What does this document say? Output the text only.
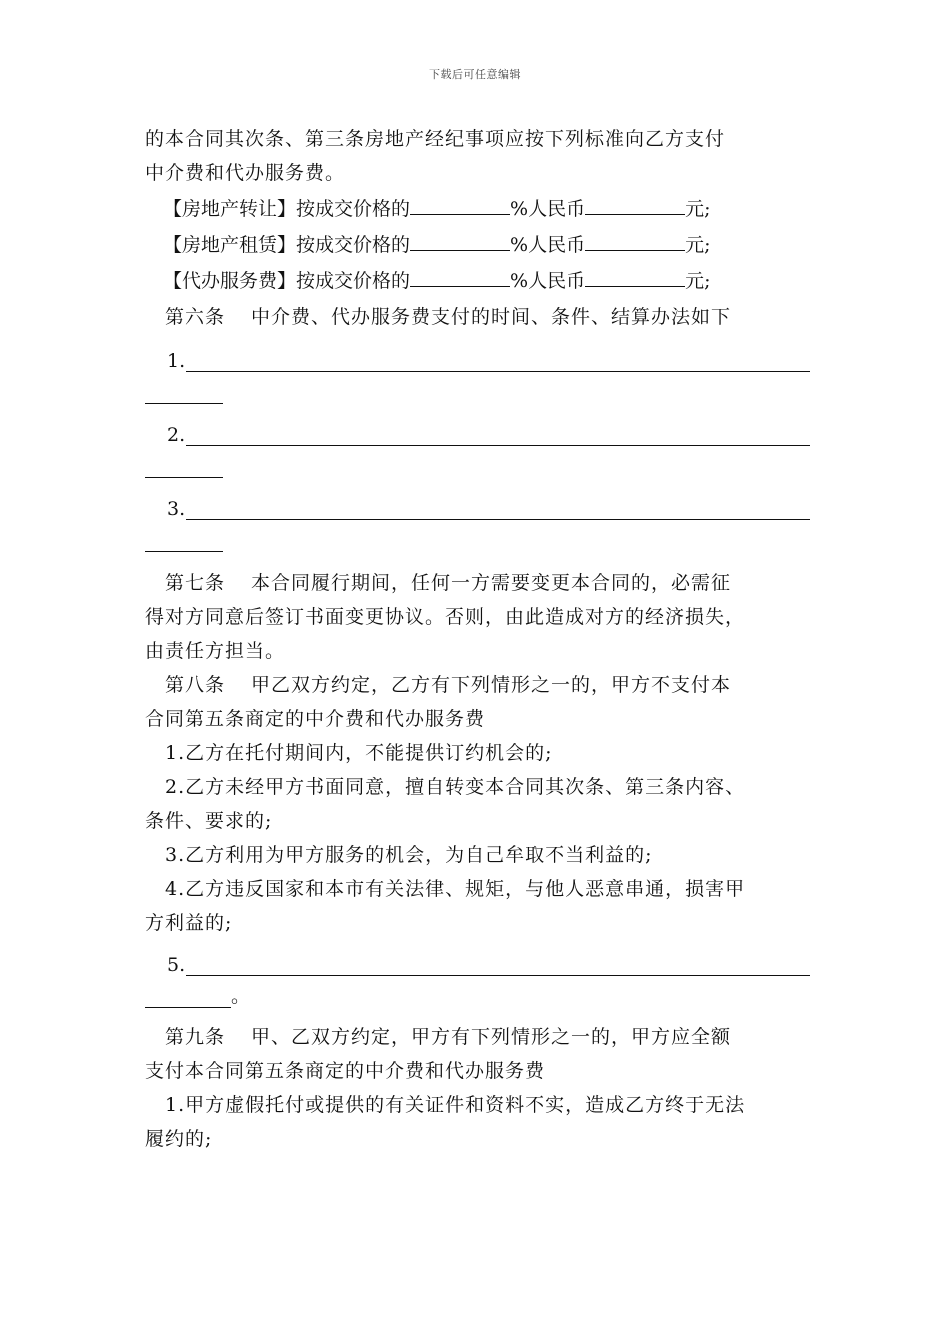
下载后可任意编辑

的本合同其次条、第三条房地产经纪事项应按下列标准向乙方支付

中介费和代办服务费。

【房地产转让】按成交价格的	%人民币	元;
【房地产租赁】按成交价格的	%人民币	元;
【代办服务费】按成交价格的	%人民币	元;

第六条 中介费、代办服务费支付的时间、条件、结算办法如下

1.
2.
3.

第七条 本合同履行期间，任何一方需要变更本合同的，必需征

得对方同意后签订书面变更协议。否则，由此造成对方的经济损失，

由责任方担当。

第八条 甲乙双方约定，乙方有下列情形之一的，甲方不支付本

合同第五条商定的中介费和代办服务费

1.乙方在托付期间内，不能提供订约机会的;

2.乙方未经甲方书面同意，擅自转变本合同其次条、第三条内容、

条件、要求的;

3.乙方利用为甲方服务的机会，为自己牟取不当利益的;

4.乙方违反国家和本市有关法律、规矩，与他人恶意串通，损害甲

方利益的;

5.
。

第九条 甲、乙双方约定，甲方有下列情形之一的，甲方应全额

支付本合同第五条商定的中介费和代办服务费

1.甲方虚假托付或提供的有关证件和资料不实，造成乙方终于无法

履约的;
